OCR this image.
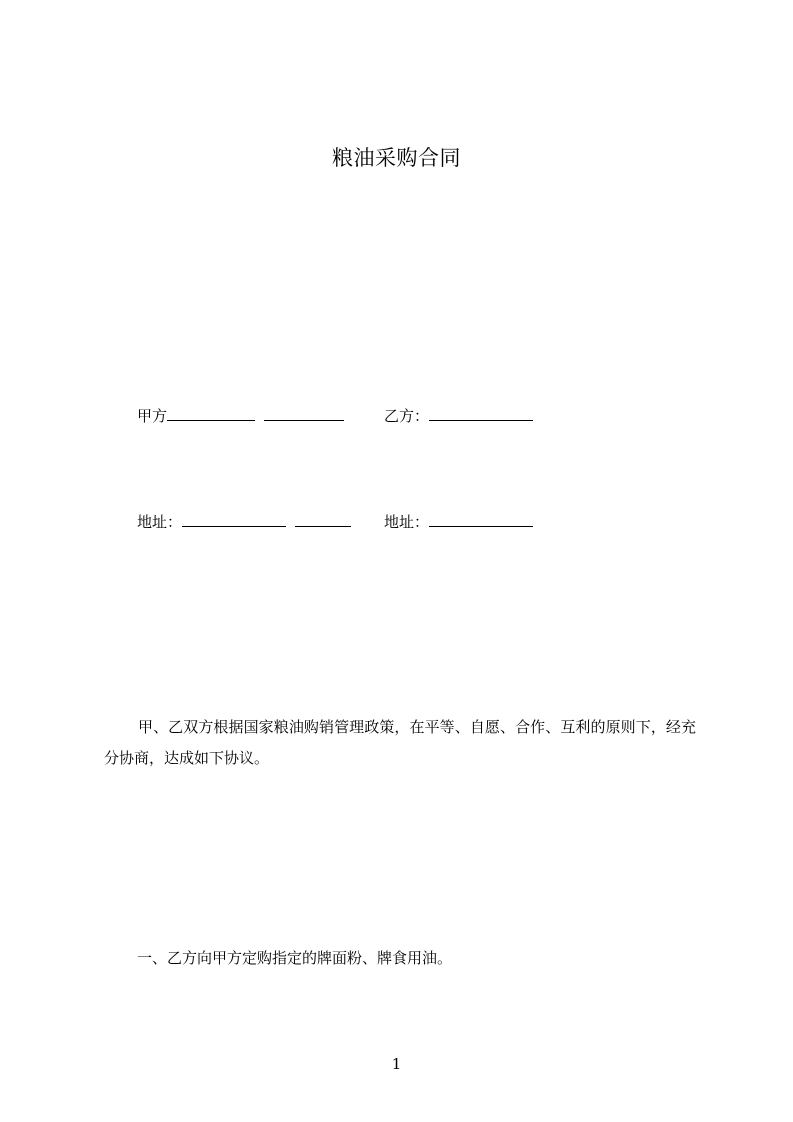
粮油采购合同
甲方	乙方：
地址：	地址：
甲、乙双方根据国家粮油购销管理政策，在平等、自愿、合作、互利的原则下，经充分协商，达成如下协议。
一、乙方向甲方定购指定的牌面粉、牌食用油。
1
